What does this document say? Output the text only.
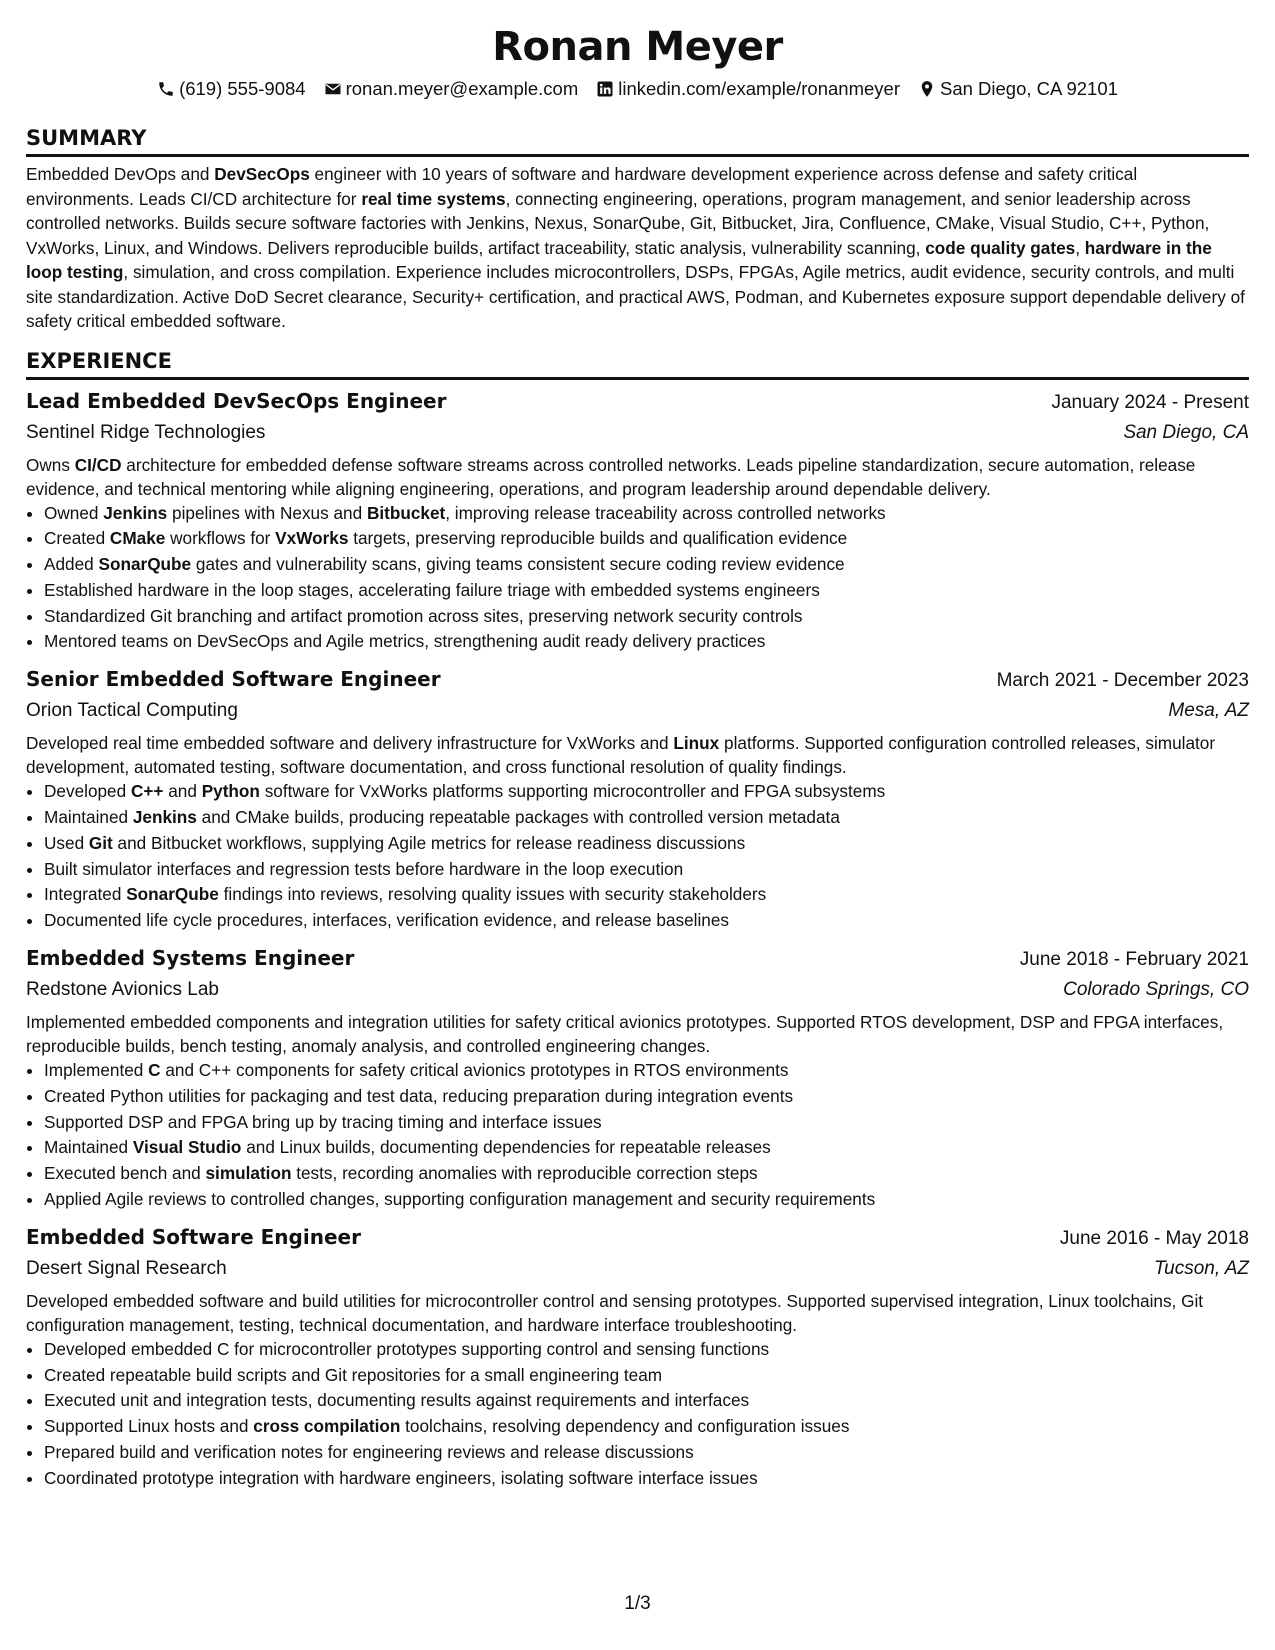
Ronan Meyer
(619) 555-9084 ronan.meyer@example.com linkedin.com/example/ronanmeyer San Diego, CA 92101
SUMMARY

Embedded DevOps and DevSecOps engineer with 10 years of software and hardware development experience across defense and safety critical environments. Leads CI/CD architecture for real time systems, connecting engineering, operations, program management, and senior leadership across controlled networks. Builds secure software factories with Jenkins, Nexus, SonarQube, Git, Bitbucket, Jira, Confluence, CMake, Visual Studio, C++, Python, VxWorks, Linux, and Windows. Delivers reproducible builds, artifact traceability, static analysis, vulnerability scanning, code quality gates, hardware in the loop testing, simulation, and cross compilation. Experience includes microcontrollers, DSPs, FPGAs, Agile metrics, audit evidence, security controls, and multi site standardization. Active DoD Secret clearance, Security+ certification, and practical AWS, Podman, and Kubernetes exposure support dependable delivery of safety critical embedded software.

EXPERIENCE
Lead Embedded DevSecOps Engineer	January 2024 - Present
Sentinel Ridge Technologies	San Diego, CA
Owns CI/CD architecture for embedded defense software streams across controlled networks. Leads pipeline standardization, secure automation, release evidence, and technical mentoring while aligning engineering, operations, and program leadership around dependable delivery.
• Owned Jenkins pipelines with Nexus and Bitbucket, improving release traceability across controlled networks
• Created CMake workflows for VxWorks targets, preserving reproducible builds and qualification evidence
• Added SonarQube gates and vulnerability scans, giving teams consistent secure coding review evidence
• Established hardware in the loop stages, accelerating failure triage with embedded systems engineers
• Standardized Git branching and artifact promotion across sites, preserving network security controls
• Mentored teams on DevSecOps and Agile metrics, strengthening audit ready delivery practices
Senior Embedded Software Engineer	March 2021 - December 2023
Orion Tactical Computing	Mesa, AZ
Developed real time embedded software and delivery infrastructure for VxWorks and Linux platforms. Supported configuration controlled releases, simulator development, automated testing, software documentation, and cross functional resolution of quality findings.
• Developed C++ and Python software for VxWorks platforms supporting microcontroller and FPGA subsystems
• Maintained Jenkins and CMake builds, producing repeatable packages with controlled version metadata
• Used Git and Bitbucket workflows, supplying Agile metrics for release readiness discussions
• Built simulator interfaces and regression tests before hardware in the loop execution
• Integrated SonarQube findings into reviews, resolving quality issues with security stakeholders
• Documented life cycle procedures, interfaces, verification evidence, and release baselines
Embedded Systems Engineer	June 2018 - February 2021
Redstone Avionics Lab	Colorado Springs, CO
Implemented embedded components and integration utilities for safety critical avionics prototypes. Supported RTOS development, DSP and FPGA interfaces, reproducible builds, bench testing, anomaly analysis, and controlled engineering changes.
• Implemented C and C++ components for safety critical avionics prototypes in RTOS environments
• Created Python utilities for packaging and test data, reducing preparation during integration events
• Supported DSP and FPGA bring up by tracing timing and interface issues
• Maintained Visual Studio and Linux builds, documenting dependencies for repeatable releases
• Executed bench and simulation tests, recording anomalies with reproducible correction steps
• Applied Agile reviews to controlled changes, supporting configuration management and security requirements
Embedded Software Engineer	June 2016 - May 2018
Desert Signal Research	Tucson, AZ
Developed embedded software and build utilities for microcontroller control and sensing prototypes. Supported supervised integration, Linux toolchains, Git configuration management, testing, technical documentation, and hardware interface troubleshooting.
• Developed embedded C for microcontroller prototypes supporting control and sensing functions
• Created repeatable build scripts and Git repositories for a small engineering team
• Executed unit and integration tests, documenting results against requirements and interfaces
• Supported Linux hosts and cross compilation toolchains, resolving dependency and configuration issues
• Prepared build and verification notes for engineering reviews and release discussions
• Coordinated prototype integration with hardware engineers, isolating software interface issues
1/3
